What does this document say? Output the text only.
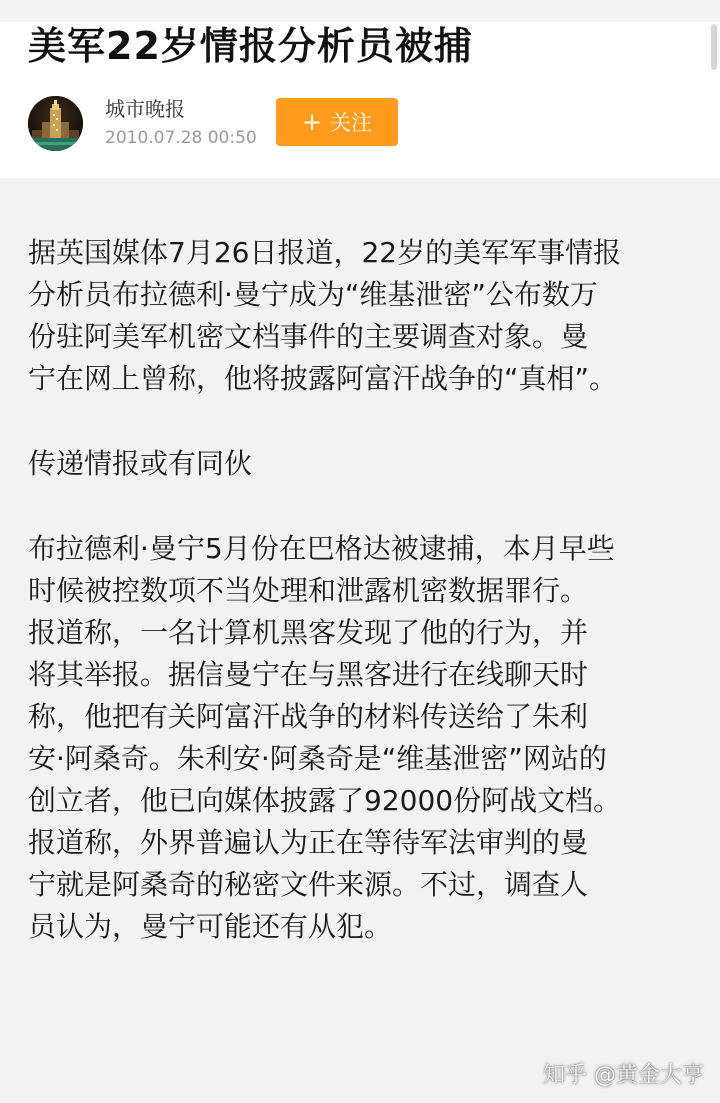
美军22岁情报分析员被捕
城市晚报
2010.07.28 00:50
+ 关注
据英国媒体7月26日报道，22岁的美军军事情报
分析员布拉德利·曼宁成为“维基泄密”公布数万
份驻阿美军机密文档事件的主要调查对象。曼
宁在网上曾称，他将披露阿富汗战争的“真相”。
传递情报或有同伙
布拉德利·曼宁5月份在巴格达被逮捕，本月早些
时候被控数项不当处理和泄露机密数据罪行。
报道称，一名计算机黑客发现了他的行为，并
将其举报。据信曼宁在与黑客进行在线聊天时
称，他把有关阿富汗战争的材料传送给了朱利
安·阿桑奇。朱利安·阿桑奇是“维基泄密”网站的
创立者，他已向媒体披露了92000份阿战文档。
报道称，外界普遍认为正在等待军法审判的曼
宁就是阿桑奇的秘密文件来源。不过，调查人
员认为，曼宁可能还有从犯。
知乎 @黄金大亨
